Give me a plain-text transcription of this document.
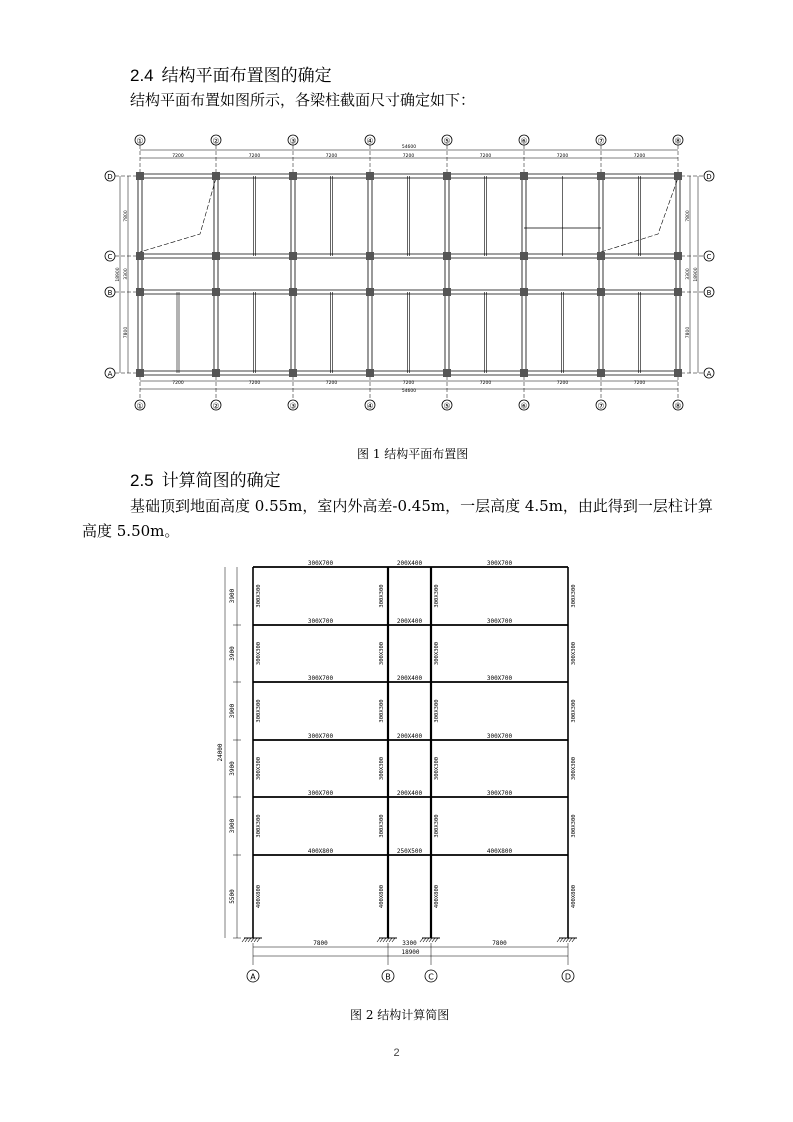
2.4 结构平面布置图的确定
结构平面布置如图所示，各梁柱截面尺寸确定如下：
①
①
②
②
③
③
④
④
⑤
⑤
⑥
⑥
⑦
⑦
⑧
⑧
54600
7200	7200	7200	7200	7200	7200	7200
7200	7200	7200	7200	7200	7200	7200
54600
D	D
C	C
B	B
A	A
7800	7800
3300	3300
7800	7800
18900	18900
图 1 结构平面布置图
2.5 计算简图的确定
基础顶到地面高度 0.55m，室内外高差-0.45m，一层高度 4.5m，由此得到一层柱计算
高度 5.50m。
300X700	200X400	300X700
300X700	200X400	300X700
300X700	200X400	300X700
300X700	200X400	300X700
300X700	200X400	300X700
400X800	250X500	400X800
300X300	300X300	300X300	300X300
300X300	300X300	300X300	300X300
300X300	300X300	300X300	300X300
300X300	300X300	300X300	300X300
300X300	300X300	300X300	300X300
400X800	400X800	400X800	400X800
3900
3900
3900
3900
3900
5500
24000
7800	3300	7800
18900
A	B	C	D
图 2 结构计算简图
2
